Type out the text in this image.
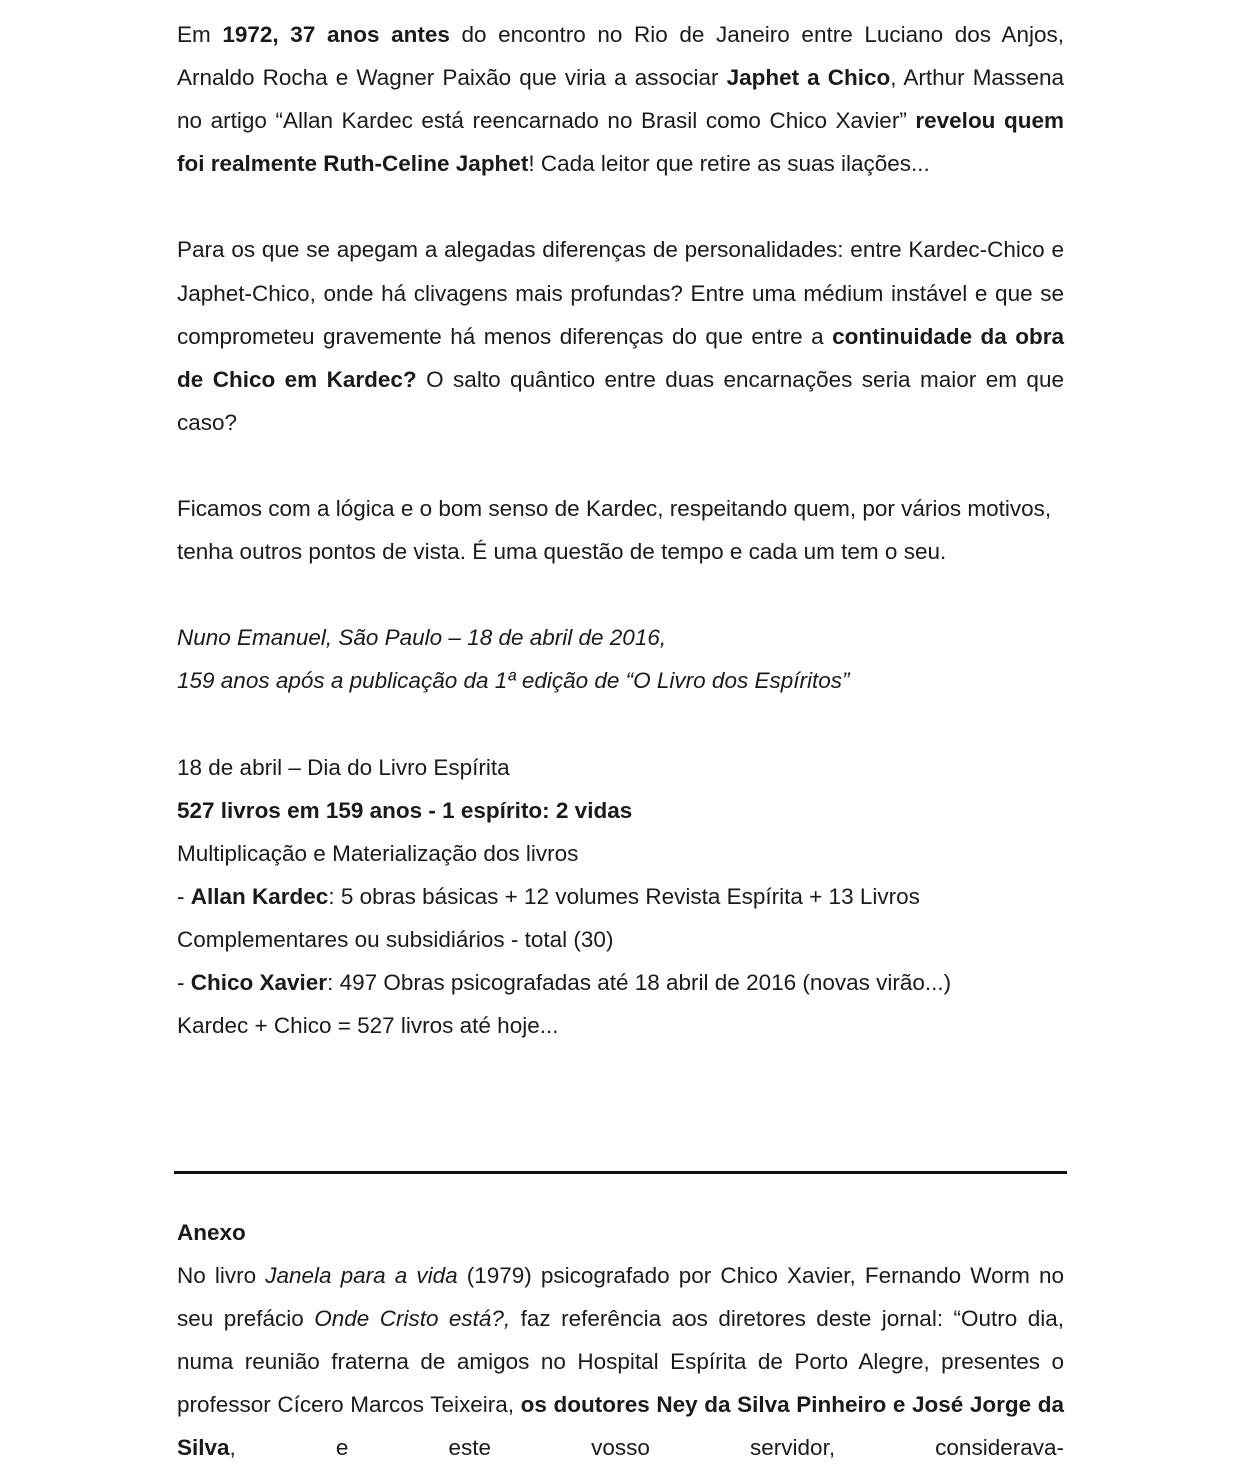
Em 1972, 37 anos antes do encontro no Rio de Janeiro entre Luciano dos Anjos, Arnaldo Rocha e Wagner Paixão que viria a associar Japhet a Chico, Arthur Massena no artigo “Allan Kardec está reencarnado no Brasil como Chico Xavier” revelou quem foi realmente Ruth-Celine Japhet! Cada leitor que retire as suas ilações...

Para os que se apegam a alegadas diferenças de personalidades: entre Kardec-Chico e Japhet-Chico, onde há clivagens mais profundas? Entre uma médium instável e que se comprometeu gravemente há menos diferenças do que entre a continuidade da obra de Chico em Kardec? O salto quântico entre duas encarnações seria maior em que caso?

Ficamos com a lógica e o bom senso de Kardec, respeitando quem, por vários motivos, tenha outros pontos de vista. É uma questão de tempo e cada um tem o seu.

Nuno Emanuel, São Paulo – 18 de abril de 2016,

159 anos após a publicação da 1ª edição de “O Livro dos Espíritos”

18 de abril – Dia do Livro Espírita

527 livros em 159 anos - 1 espírito: 2 vidas

Multiplicação e Materialização dos livros

- Allan Kardec: 5 obras básicas + 12 volumes Revista Espírita + 13 Livros Complementares ou subsidiários - total (30)

- Chico Xavier: 497 Obras psicografadas até 18 abril de 2016 (novas virão...)

Kardec + Chico = 527 livros até hoje...

Anexo

No livro Janela para a vida (1979) psicografado por Chico Xavier, Fernando Worm no seu prefácio Onde Cristo está?, faz referência aos diretores deste jornal: “Outro dia, numa reunião fraterna de amigos no Hospital Espírita de Porto Alegre, presentes o professor Cícero Marcos Teixeira, os doutores Ney da Silva Pinheiro e José Jorge da Silva, e este vosso servidor, considerava-
